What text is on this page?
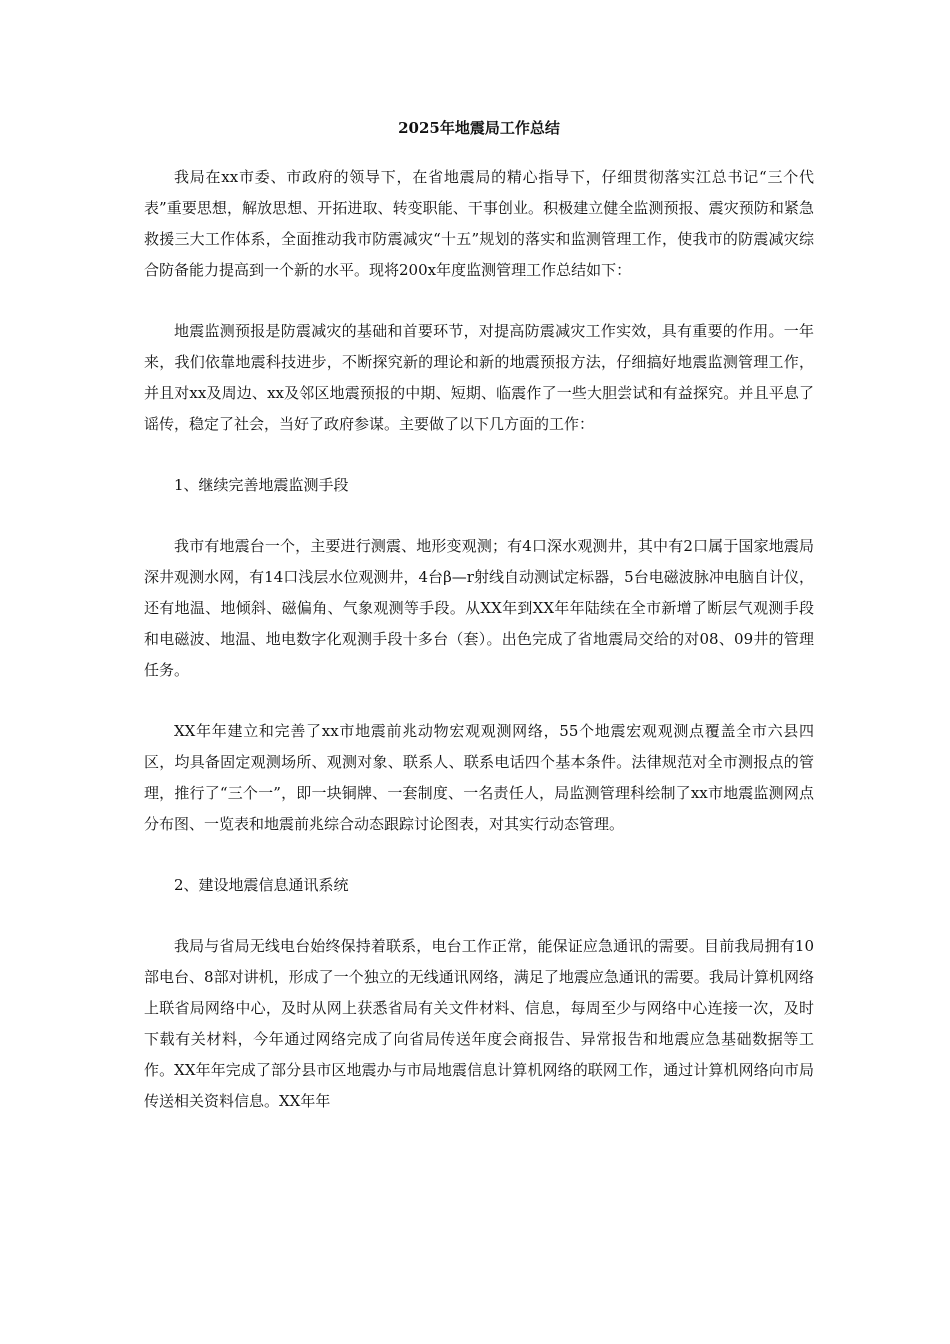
2025年地震局工作总结

我局在xx市委、市政府的领导下，在省地震局的精心指导下，仔细贯彻落实江总书记“三个代表”重要思想，解放思想、开拓进取、转变职能、干事创业。积极建立健全监测预报、震灾预防和紧急救援三大工作体系，全面推动我市防震减灾“十五”规划的落实和监测管理工作，使我市的防震减灾综合防备能力提高到一个新的水平。现将200x年度监测管理工作总结如下：

地震监测预报是防震减灾的基础和首要环节，对提高防震减灾工作实效，具有重要的作用。一年来，我们依靠地震科技进步，不断探究新的理论和新的地震预报方法，仔细搞好地震监测管理工作，并且对xx及周边、xx及邻区地震预报的中期、短期、临震作了一些大胆尝试和有益探究。并且平息了谣传，稳定了社会，当好了政府参谋。主要做了以下几方面的工作：

1、继续完善地震监测手段

我市有地震台一个，主要进行测震、地形变观测；有4口深水观测井，其中有2口属于国家地震局深井观测水网，有14口浅层水位观测井，4台β—r射线自动测试定标器，5台电磁波脉冲电脑自计仪，还有地温、地倾斜、磁偏角、气象观测等手段。从XX年到XX年年陆续在全市新增了断层气观测手段和电磁波、地温、地电数字化观测手段十多台（套）。出色完成了省地震局交给的对08、09井的管理任务。

XX年年建立和完善了xx市地震前兆动物宏观观测网络，55个地震宏观观测点覆盖全市六县四区，均具备固定观测场所、观测对象、联系人、联系电话四个基本条件。法律规范对全市测报点的管理，推行了“三个一”，即一块铜牌、一套制度、一名责任人，局监测管理科绘制了xx市地震监测网点分布图、一览表和地震前兆综合动态跟踪讨论图表，对其实行动态管理。

2、建设地震信息通讯系统

我局与省局无线电台始终保持着联系，电台工作正常，能保证应急通讯的需要。目前我局拥有10部电台、8部对讲机，形成了一个独立的无线通讯网络，满足了地震应急通讯的需要。我局计算机网络上联省局网络中心，及时从网上获悉省局有关文件材料、信息，每周至少与网络中心连接一次，及时下载有关材料，今年通过网络完成了向省局传送年度会商报告、异常报告和地震应急基础数据等工作。XX年年完成了部分县市区地震办与市局地震信息计算机网络的联网工作，通过计算机网络向市局传送相关资料信息。XX年年
